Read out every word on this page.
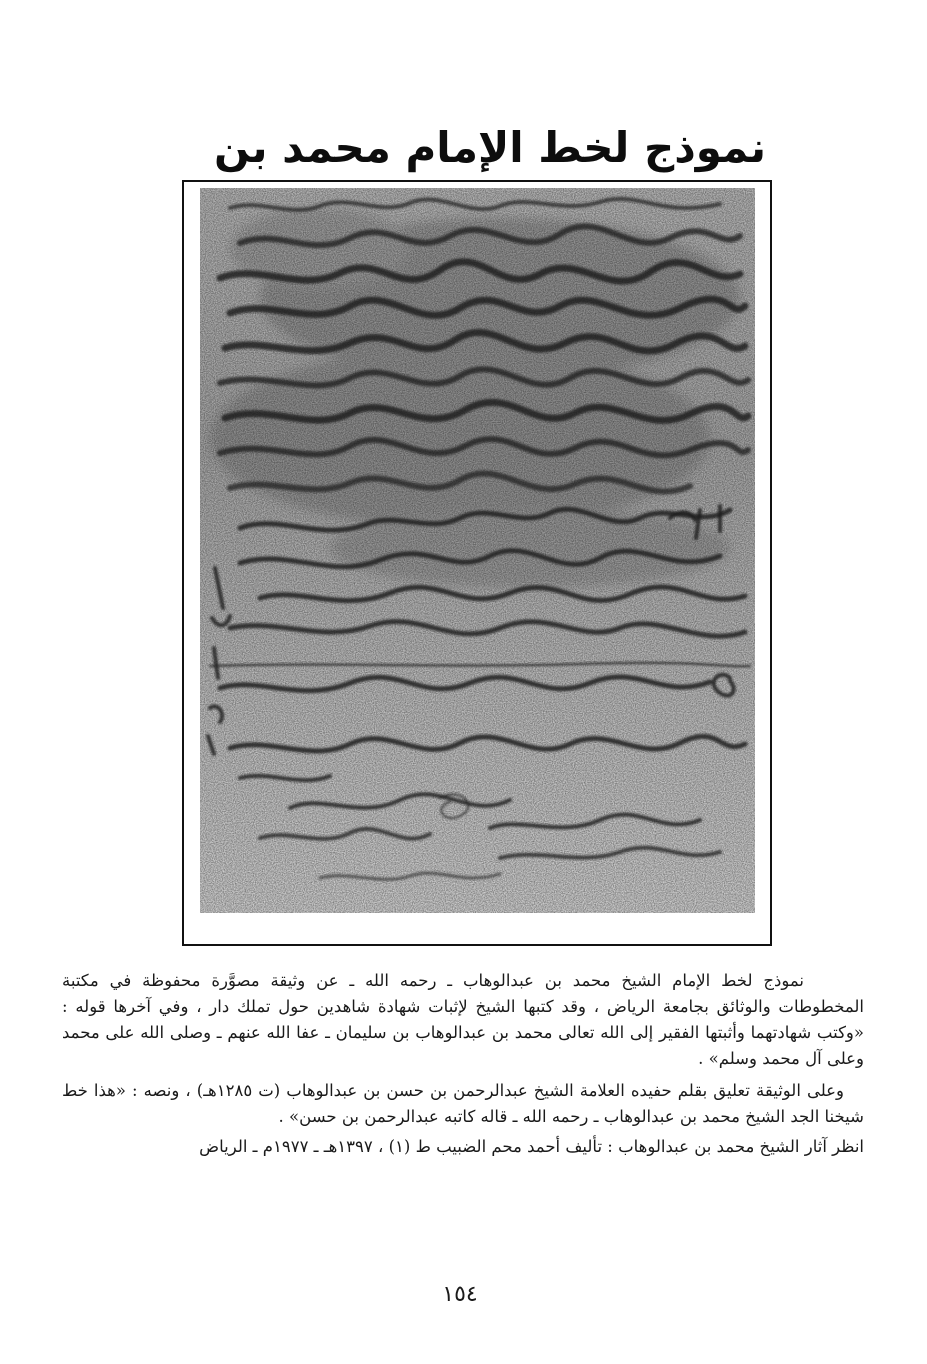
نموذج لخط الإمام محمد بن

نموذج لخط الإمام الشيخ محمد بن عبدالوهاب ـ رحمه الله ـ عن وثيقة مصوَّرة محفوظة في مكتبة المخطوطات والوثائق بجامعة الرياض ، وقد كتبها الشيخ لإثبات شهادة شاهدين حول تملك دار ، وفي آخرها قوله : «وكتب شهادتهما وأثبتها الفقير إلى الله تعالى محمد بن عبدالوهاب بن سليمان ـ عفا الله عنهم ـ وصلى الله على محمد وعلى آل محمد وسلم» .

وعلى الوثيقة تعليق بقلم حفيده العلامة الشيخ عبدالرحمن بن حسن بن عبدالوهاب (ت ١٢٨٥هـ) ، ونصه : «هذا خط شيخنا الجد الشيخ محمد بن عبدالوهاب ـ رحمه الله ـ قاله كاتبه عبدالرحمن بن حسن» .

انظر آثار الشيخ محمد بن عبدالوهاب : تأليف أحمد محم الضبيب ط (١) ، ١٣٩٧هـ ـ ١٩٧٧م ـ الرياض

١٥٤
